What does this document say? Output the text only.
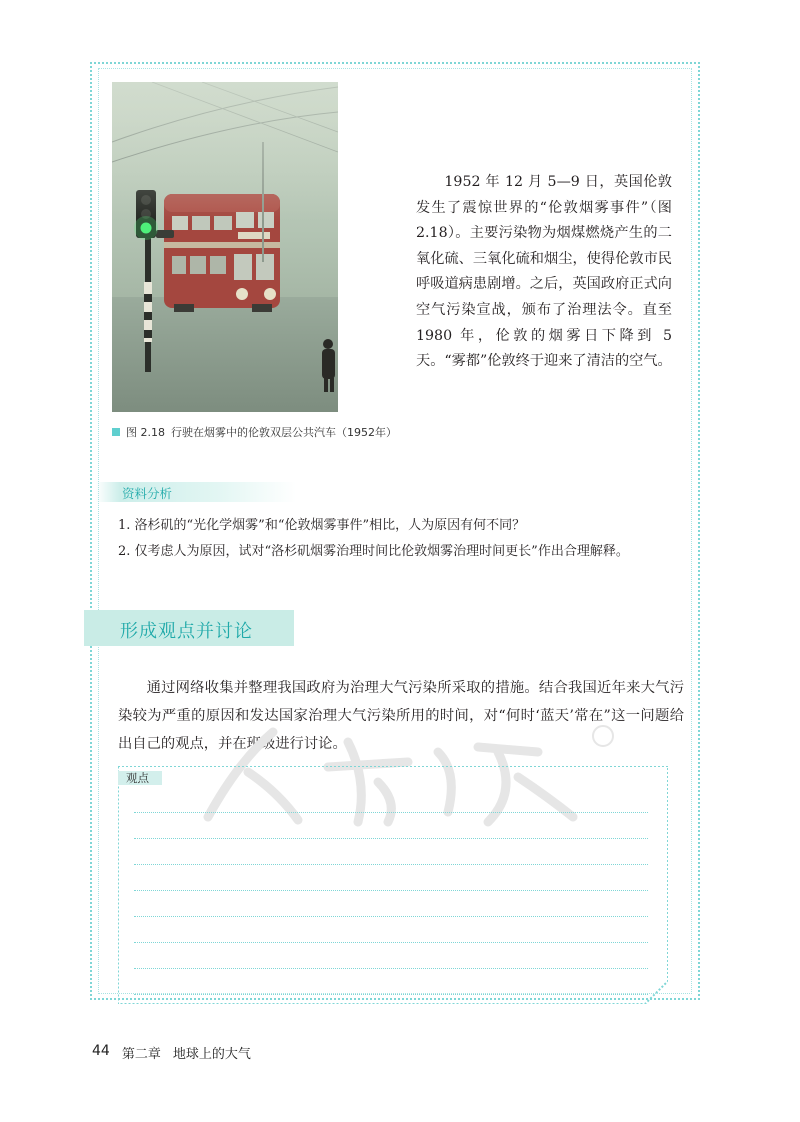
图 2.18 行驶在烟雾中的伦敦双层公共汽车（1952年）
1952 年 12 月 5—9 日，英国伦敦发生了震惊世界的“伦敦烟雾事件”（图 2.18）。主要污染物为烟煤燃烧产生的二氧化硫、三氧化硫和烟尘，使得伦敦市民呼吸道病患剧增。之后，英国政府正式向空气污染宣战，颁布了治理法令。直至 1980 年，伦敦的烟雾日下降到 5 天。“雾都”伦敦终于迎来了清洁的空气。
资料分析
1. 洛杉矶的“光化学烟雾”和“伦敦烟雾事件”相比，人为原因有何不同？
2. 仅考虑人为原因，试对“洛杉矶烟雾治理时间比伦敦烟雾治理时间更长”作出合理解释。
形成观点并讨论
通过网络收集并整理我国政府为治理大气污染所采取的措施。结合我国近年来大气污染较为严重的原因和发达国家治理大气污染所用的时间，对“何时‘蓝天’常在”这一问题给出自己的观点，并在班级进行讨论。
观点
44 第二章 地球上的大气
